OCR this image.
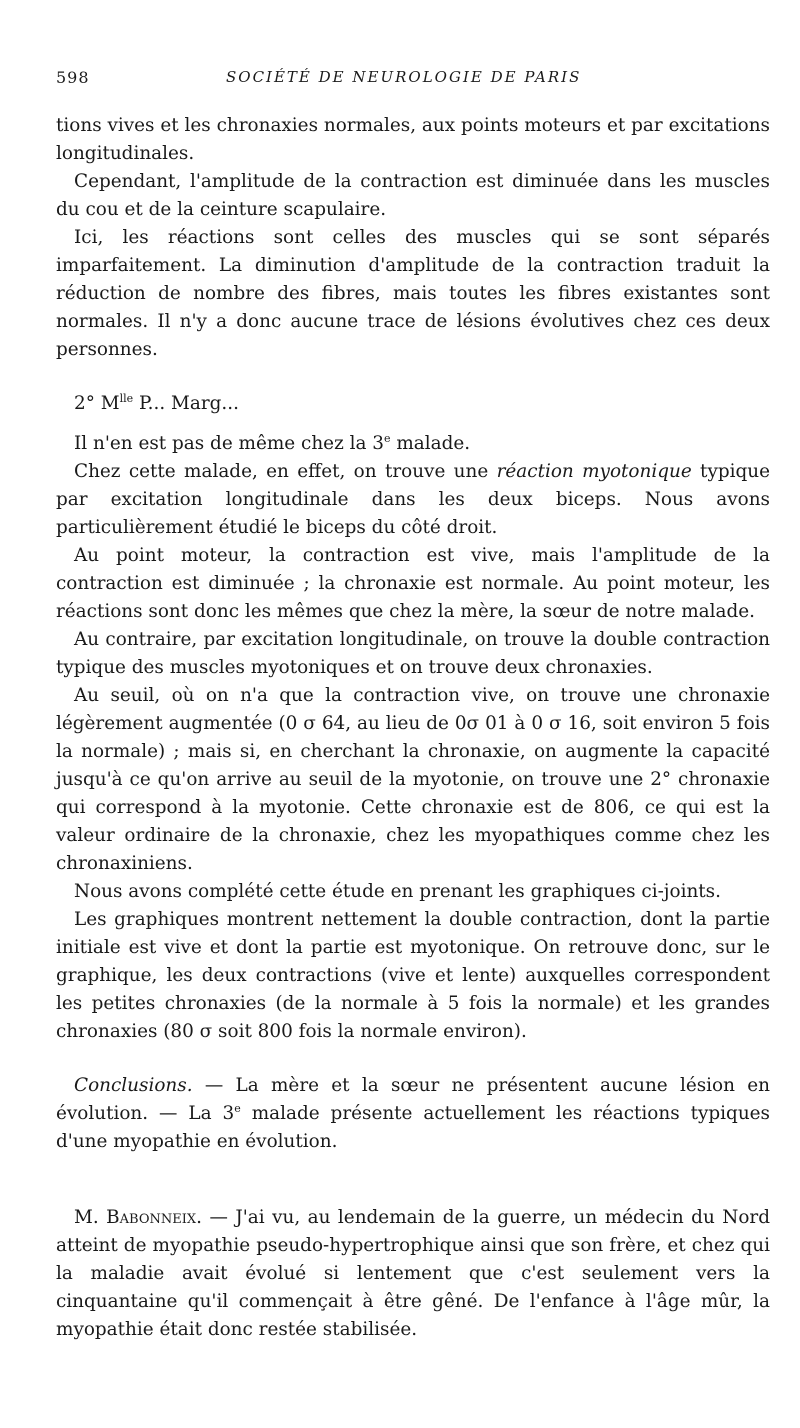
598	SOCIÉTÉ DE NEUROLOGIE DE PARIS

tions vives et les chronaxies normales, aux points moteurs et par excitations longitudinales.

Cependant, l'amplitude de la contraction est diminuée dans les muscles du cou et de la ceinture scapulaire.

Ici, les réactions sont celles des muscles qui se sont séparés imparfaitement. La diminution d'amplitude de la contraction traduit la réduction de nombre des fibres, mais toutes les fibres existantes sont normales. Il n'y a donc aucune trace de lésions évolutives chez ces deux personnes.

2° $M^{lle}$ P... Marg...

Il n'en est pas de même chez la 3e malade.

Chez cette malade, en effet, on trouve une réaction myotonique typique par excitation longitudinale dans les deux biceps. Nous avons particulièrement étudié le biceps du côté droit.

Au point moteur, la contraction est vive, mais l'amplitude de la contraction est diminuée ; la chronaxie est normale. Au point moteur, les réactions sont donc les mêmes que chez la mère, la sœur de notre malade.

Au contraire, par excitation longitudinale, on trouve la double contraction typique des muscles myotoniques et on trouve deux chronaxies.

Au seuil, où on n'a que la contraction vive, on trouve une chronaxie légèrement augmentée (0 σ 64, au lieu de 0σ 01 à 0 σ 16, soit environ 5 fois la normale) ; mais si, en cherchant la chronaxie, on augmente la capacité jusqu'à ce qu'on arrive au seuil de la myotonie, on trouve une 2° chronaxie qui correspond à la myotonie. Cette chronaxie est de 806, ce qui est la valeur ordinaire de la chronaxie, chez les myopathiques comme chez les chronaxiniens.

Nous avons complété cette étude en prenant les graphiques ci-joints.

Les graphiques montrent nettement la double contraction, dont la partie initiale est vive et dont la partie est myotonique. On retrouve donc, sur le graphique, les deux contractions (vive et lente) auxquelles correspondent les petites chronaxies (de la normale à 5 fois la normale) et les grandes chronaxies (80 σ soit 800 fois la normale environ).

Conclusions. — La mère et la sœur ne présentent aucune lésion en évolution. — La 3e malade présente actuellement les réactions typiques d'une myopathie en évolution.

M. Babonneix. — J'ai vu, au lendemain de la guerre, un médecin du Nord atteint de myopathie pseudo-hypertrophique ainsi que son frère, et chez qui la maladie avait évolué si lentement que c'est seulement vers la cinquantaine qu'il commençait à être gêné. De l'enfance à l'âge mûr, la myopathie était donc restée stabilisée.
